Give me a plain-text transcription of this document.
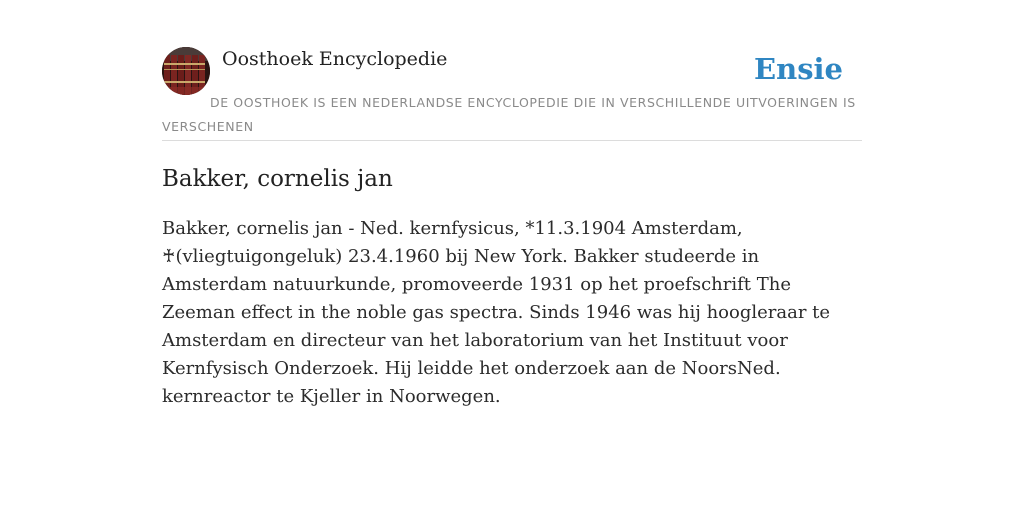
Oosthoek Encyclopedie	Ensie

DE OOSTHOEK IS EEN NEDERLANDSE ENCYCLOPEDIE DIE IN VERSCHILLENDE UITVOERINGEN IS VERSCHENEN

Bakker, cornelis jan

Bakker, cornelis jan - Ned. kernfysicus, *11.3.1904 Amsterdam, ♰(vliegtuigongeluk) 23.4.1960 bij New York. Bakker studeerde in Amsterdam natuurkunde, promoveerde 1931 op het proefschrift The Zeeman effect in the noble gas spectra. Sinds 1946 was hij hoogleraar te Amsterdam en directeur van het laboratorium van het Instituut voor Kernfysisch Onderzoek. Hij leidde het onderzoek aan de NoorsNed. kernreactor te Kjeller in Noorwegen.
